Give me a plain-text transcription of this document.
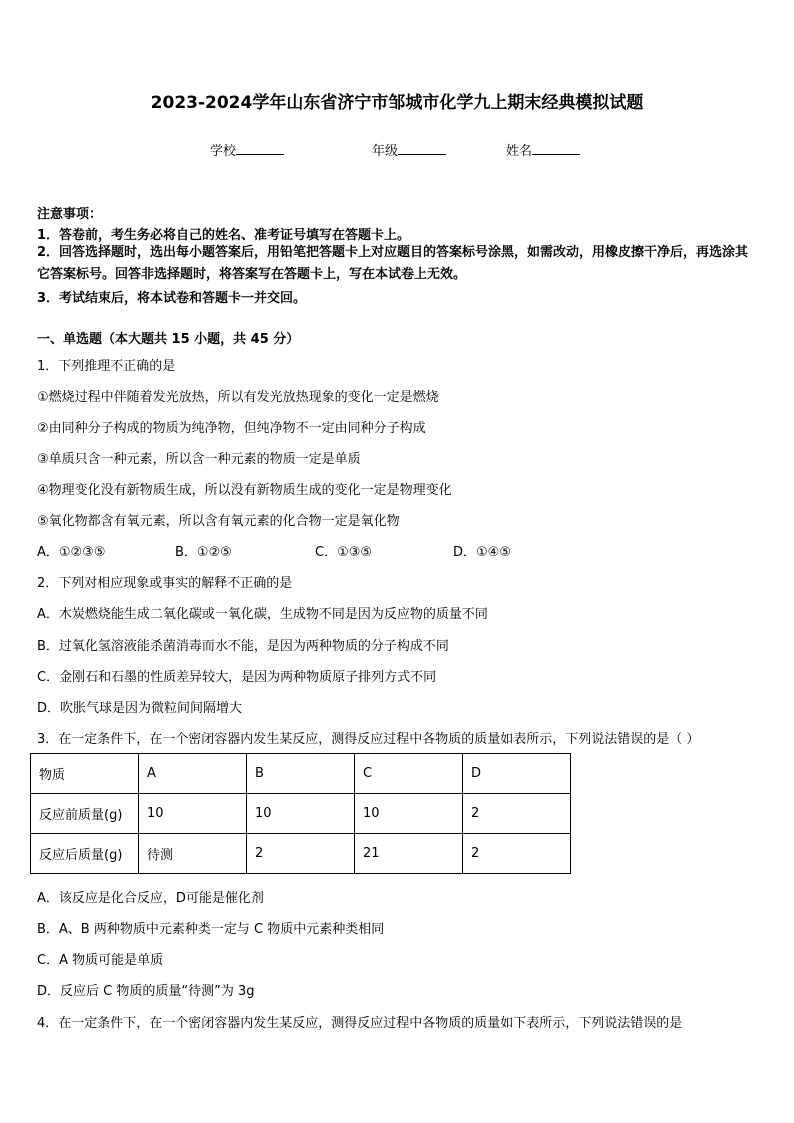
2023-2024学年山东省济宁市邹城市化学九上期末经典模拟试题
学校	年级	姓名
注意事项：
1．答卷前，考生务必将自己的姓名、准考证号填写在答题卡上。
2．回答选择题时，选出每小题答案后，用铅笔把答题卡上对应题目的答案标号涂黑，如需改动，用橡皮擦干净后，再选涂其它答案标号。回答非选择题时，将答案写在答题卡上，写在本试卷上无效。
3．考试结束后，将本试卷和答题卡一并交回。
一、单选题（本大题共 15 小题，共 45 分）
1．下列推理不正确的是
①燃烧过程中伴随着发光放热，所以有发光放热现象的变化一定是燃烧
②由同种分子构成的物质为纯净物，但纯净物不一定由同种分子构成
③单质只含一种元素，所以含一种元素的物质一定是单质
④物理变化没有新物质生成，所以没有新物质生成的变化一定是物理变化
⑤氧化物都含有氧元素，所以含有氧元素的化合物一定是氧化物
A．①②③⑤	B．①②⑤	C．①③⑤	D．①④⑤
2．下列对相应现象或事实的解释不正确的是
A．木炭燃烧能生成二氧化碳或一氧化碳，生成物不同是因为反应物的质量不同
B．过氧化氢溶液能杀菌消毒而水不能，是因为两种物质的分子构成不同
C．金刚石和石墨的性质差异较大，是因为两种物质原子排列方式不同
D．吹胀气球是因为微粒间间隔增大
3．在一定条件下，在一个密闭容器内发生某反应，测得反应过程中各物质的质量如表所示，下列说法错误的是（ ）
物质	A	B	C	D
反应前质量(g)	10	10	10	2
反应后质量(g)	待测	2	21	2
A．该反应是化合反应，D可能是催化剂
B．A、B 两种物质中元素种类一定与 C 物质中元素种类相同
C．A 物质可能是单质
D．反应后 C 物质的质量“待测”为 3g
4．在一定条件下，在一个密闭容器内发生某反应，测得反应过程中各物质的质量如下表所示，下列说法错误的是
